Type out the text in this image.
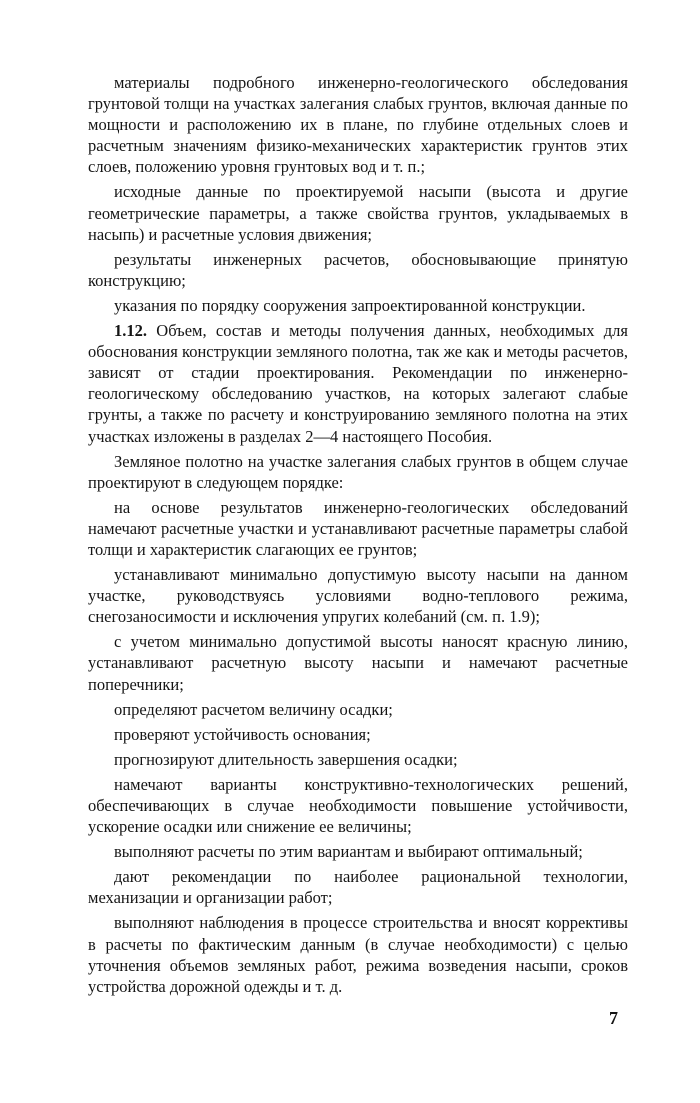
материалы подробного инженерно-геологического обследования грунтовой толщи на участках залегания слабых грунтов, включая данные по мощности и расположению их в плане, по глубине отдельных слоев и расчетным значениям физико-механических характеристик грунтов этих слоев, положению уровня грунтовых вод и т. п.;

исходные данные по проектируемой насыпи (высота и другие геометрические параметры, а также свойства грунтов, укладываемых в насыпь) и расчетные условия движения;

результаты инженерных расчетов, обосновывающие принятую конструкцию;

указания по порядку сооружения запроектированной конструкции.

1.12. Объем, состав и методы получения данных, необходимых для обоснования конструкции земляного полотна, так же как и методы расчетов, зависят от стадии проектирования. Рекомендации по инженерно-геологическому обследованию участков, на которых залегают слабые грунты, а также по расчету и конструированию земляного полотна на этих участках изложены в разделах 2—4 настоящего Пособия.

Земляное полотно на участке залегания слабых грунтов в общем случае проектируют в следующем порядке:

на основе результатов инженерно-геологических обследований намечают расчетные участки и устанавливают расчетные параметры слабой толщи и характеристик слагающих ее грунтов;

устанавливают минимально допустимую высоту насыпи на данном участке, руководствуясь условиями водно-теплового режима, снегозаносимости и исключения упругих колебаний (см. п. 1.9);

с учетом минимально допустимой высоты наносят красную линию, устанавливают расчетную высоту насыпи и намечают расчетные поперечники;

определяют расчетом величину осадки;

проверяют устойчивость основания;

прогнозируют длительность завершения осадки;

намечают варианты конструктивно-технологических решений, обеспечивающих в случае необходимости повышение устойчивости, ускорение осадки или снижение ее величины;

выполняют расчеты по этим вариантам и выбирают оптимальный;

дают рекомендации по наиболее рациональной технологии, механизации и организации работ;

выполняют наблюдения в процессе строительства и вносят коррективы в расчеты по фактическим данным (в случае необходимости) с целью уточнения объемов земляных работ, режима возведения насыпи, сроков устройства дорожной одежды и т. д.

7
